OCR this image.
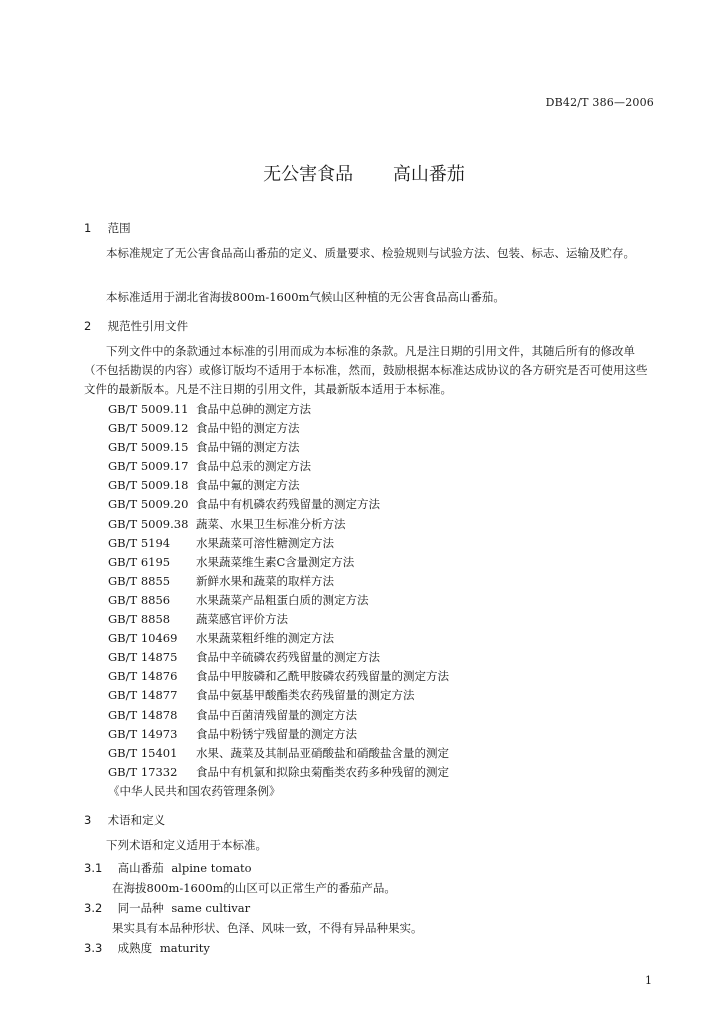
DB42/T 386—2006
无公害食品 高山番茄
1 范围
本标准规定了无公害食品高山番茄的定义、质量要求、检验规则与试验方法、包装、标志、运输及贮存。
本标准适用于湖北省海拔800m-1600m气候山区种植的无公害食品高山番茄。
2 规范性引用文件
下列文件中的条款通过本标准的引用而成为本标准的条款。凡是注日期的引用文件，其随后所有的修改单（不包括勘误的内容）或修订版均不适用于本标准，然而，鼓励根据本标准达成协议的各方研究是否可使用这些文件的最新版本。凡是不注日期的引用文件，其最新版本适用于本标准。
GB/T 5009.11 食品中总砷的测定方法
GB/T 5009.12 食品中铅的测定方法
GB/T 5009.15 食品中镉的测定方法
GB/T 5009.17 食品中总汞的测定方法
GB/T 5009.18 食品中氟的测定方法
GB/T 5009.20 食品中有机磷农药残留量的测定方法
GB/T 5009.38 蔬菜、水果卫生标准分析方法
GB/T 5194 水果蔬菜可溶性糖测定方法
GB/T 6195 水果蔬菜维生素C含量测定方法
GB/T 8855 新鲜水果和蔬菜的取样方法
GB/T 8856 水果蔬菜产品粗蛋白质的测定方法
GB/T 8858 蔬菜感官评价方法
GB/T 10469 水果蔬菜粗纤维的测定方法
GB/T 14875 食品中辛硫磷农药残留量的测定方法
GB/T 14876 食品中甲胺磷和乙酰甲胺磷农药残留量的测定方法
GB/T 14877 食品中氨基甲酸酯类农药残留量的测定方法
GB/T 14878 食品中百菌清残留量的测定方法
GB/T 14973 食品中粉锈宁残留量的测定方法
GB/T 15401 水果、蔬菜及其制品亚硝酸盐和硝酸盐含量的测定
GB/T 17332 食品中有机氯和拟除虫菊酯类农药多种残留的测定
《中华人民共和国农药管理条例》
3 术语和定义
下列术语和定义适用于本标准。
3.1 高山番茄 alpine tomato
在海拔800m-1600m的山区可以正常生产的番茄产品。
3.2 同一品种 same cultivar
果实具有本品种形状、色泽、风味一致，不得有异品种果实。
3.3 成熟度 maturity
1
